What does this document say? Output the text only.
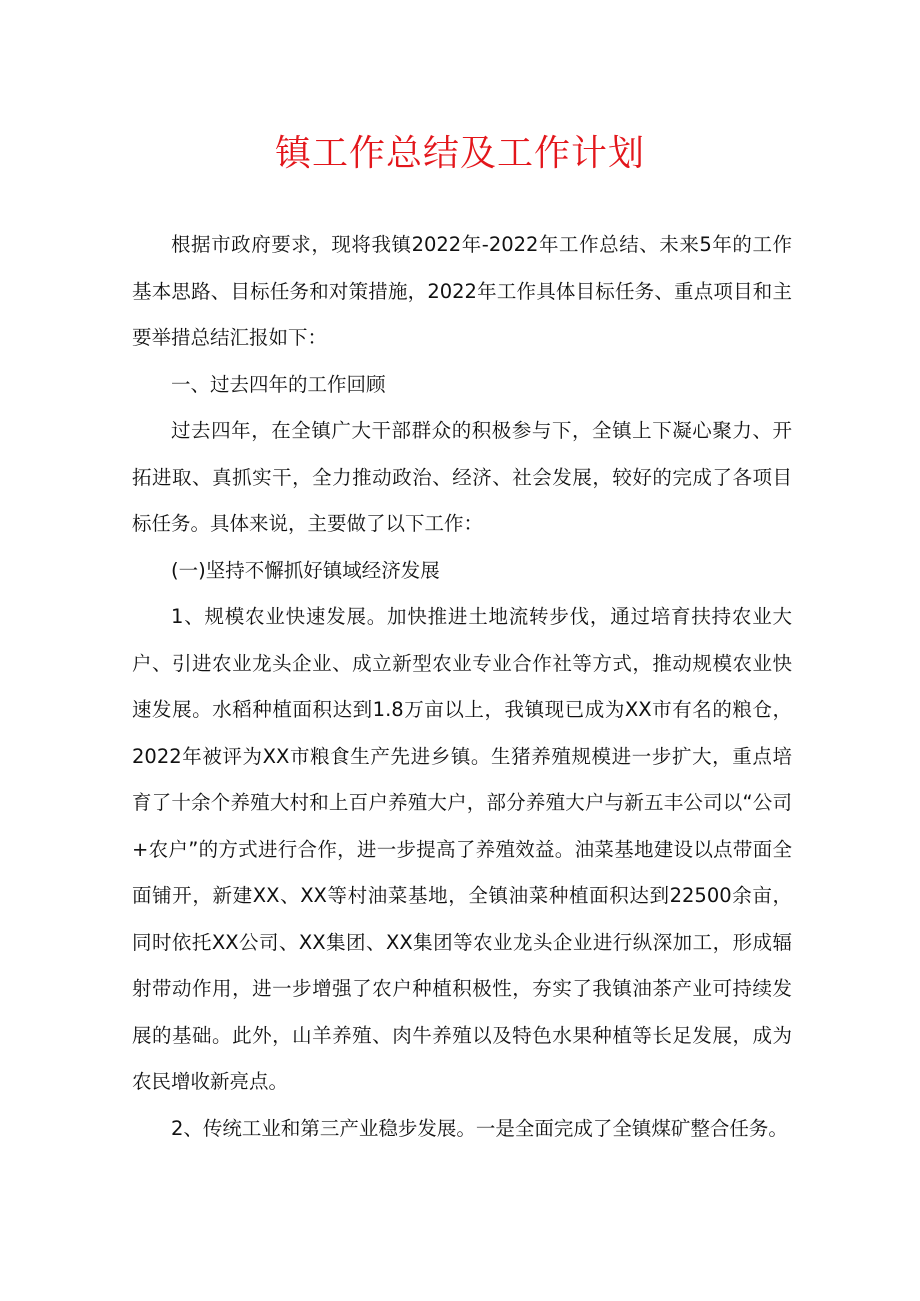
镇工作总结及工作计划

根据市政府要求，现将我镇2022年-2022年工作总结、未来5年的工作基本思路、目标任务和对策措施，2022年工作具体目标任务、重点项目和主要举措总结汇报如下：

一、过去四年的工作回顾

过去四年，在全镇广大干部群众的积极参与下，全镇上下凝心聚力、开拓进取、真抓实干，全力推动政治、经济、社会发展，较好的完成了各项目标任务。具体来说，主要做了以下工作：

(一)坚持不懈抓好镇域经济发展

1、规模农业快速发展。加快推进土地流转步伐，通过培育扶持农业大户、引进农业龙头企业、成立新型农业专业合作社等方式，推动规模农业快速发展。水稻种植面积达到1.8万亩以上，我镇现已成为XX市有名的粮仓，2022年被评为XX市粮食生产先进乡镇。生猪养殖规模进一步扩大，重点培育了十余个养殖大村和上百户养殖大户，部分养殖大户与新五丰公司以“公司+农户”的方式进行合作，进一步提高了养殖效益。油菜基地建设以点带面全面铺开，新建XX、XX等村油菜基地，全镇油菜种植面积达到22500余亩，同时依托XX公司、XX集团、XX集团等农业龙头企业进行纵深加工，形成辐射带动作用，进一步增强了农户种植积极性，夯实了我镇油茶产业可持续发展的基础。此外，山羊养殖、肉牛养殖以及特色水果种植等长足发展，成为农民增收新亮点。

2、传统工业和第三产业稳步发展。一是全面完成了全镇煤矿整合任务。
